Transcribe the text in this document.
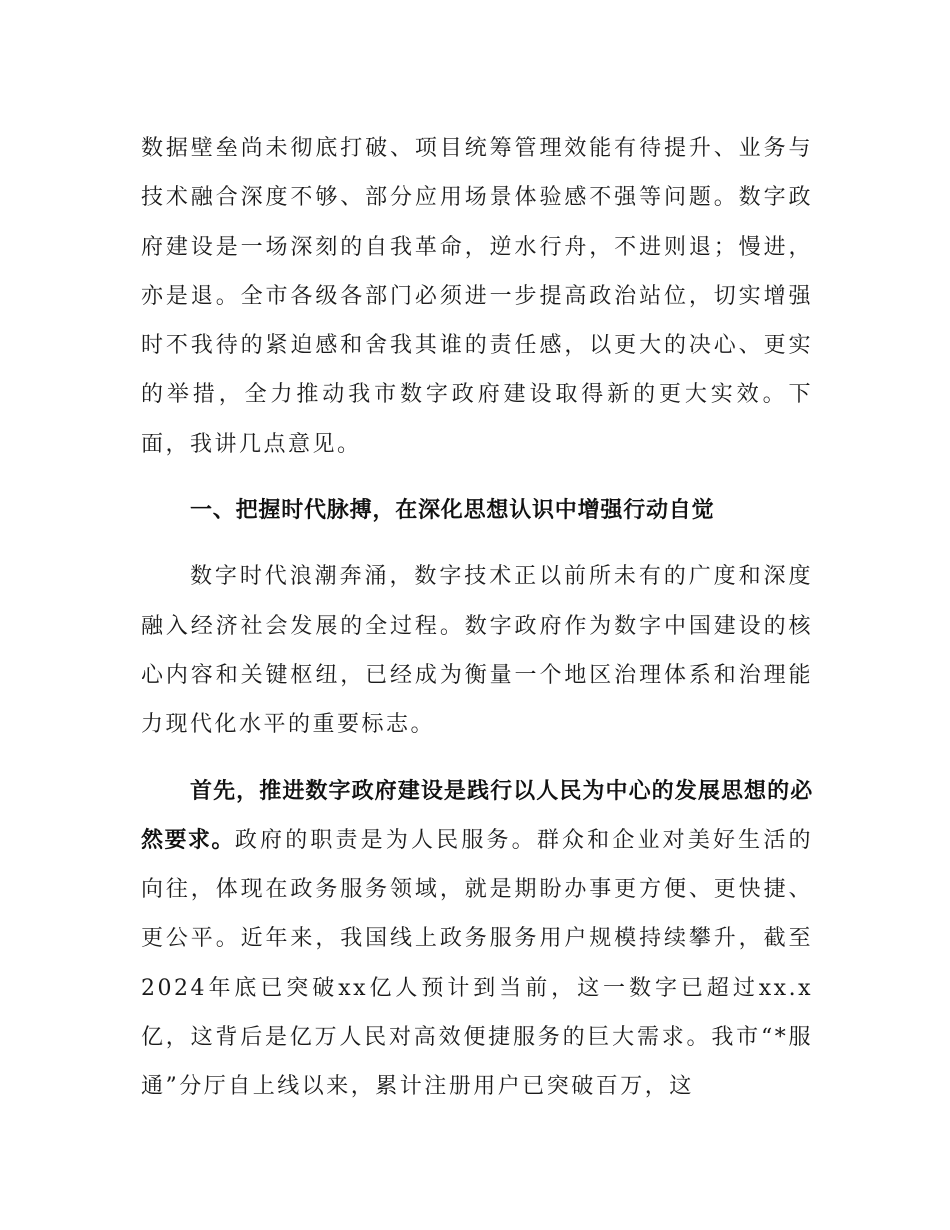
数据壁垒尚未彻底打破、项目统筹管理效能有待提升、业务与技术融合深度不够、部分应用场景体验感不强等问题。数字政府建设是一场深刻的自我革命，逆水行舟，不进则退；慢进，亦是退。全市各级各部门必须进一步提高政治站位，切实增强时不我待的紧迫感和舍我其谁的责任感，以更大的决心、更实的举措，全力推动我市数字政府建设取得新的更大实效。下面，我讲几点意见。

一、把握时代脉搏，在深化思想认识中增强行动自觉

数字时代浪潮奔涌，数字技术正以前所未有的广度和深度融入经济社会发展的全过程。数字政府作为数字中国建设的核心内容和关键枢纽，已经成为衡量一个地区治理体系和治理能力现代化水平的重要标志。

首先，推进数字政府建设是践行以人民为中心的发展思想的必然要求。政府的职责是为人民服务。群众和企业对美好生活的向往，体现在政务服务领域，就是期盼办事更方便、更快捷、更公平。近年来，我国线上政务服务用户规模持续攀升，截至2024年底已突破xx亿人预计到当前，这一数字已超过xx.x亿，这背后是亿万人民对高效便捷服务的巨大需求。我市“*服通”分厅自上线以来，累计注册用户已突破百万，这
